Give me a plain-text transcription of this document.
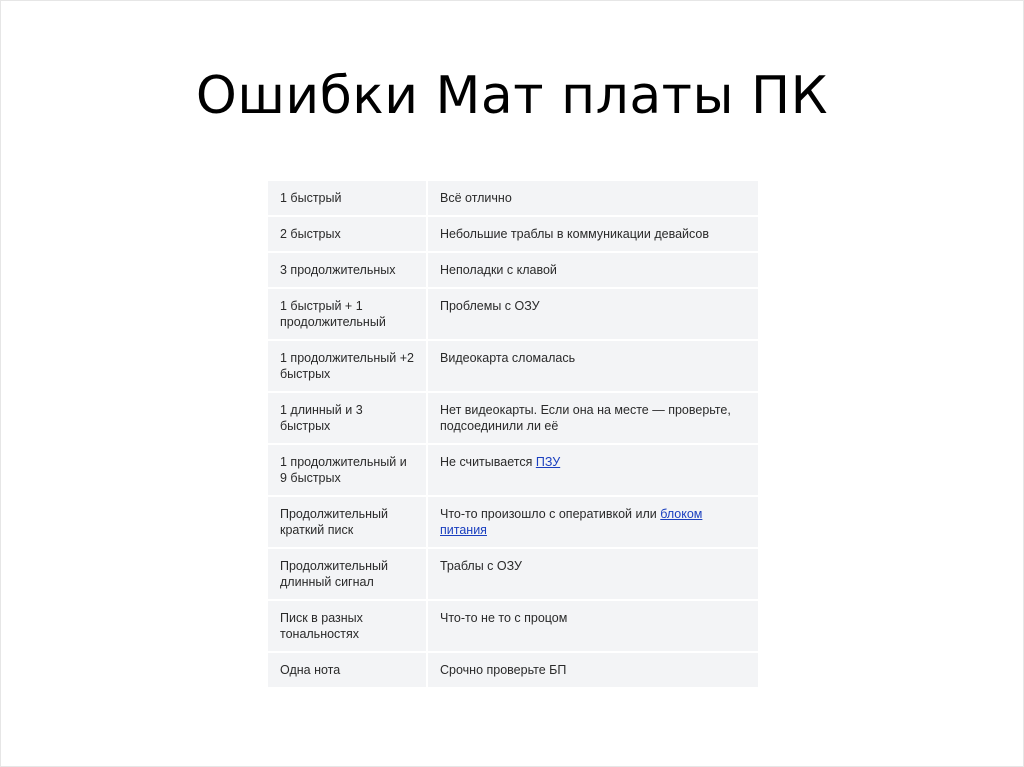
Ошибки Мат платы ПК
1 быстрый	Всё отлично
2 быстрых	Небольшие траблы в коммуникации девайсов
3 продолжительных	Неполадки с клавой
1 быстрый + 1 продолжительный	Проблемы с ОЗУ
1 продолжительный +2 быстрых	Видеокарта сломалась
1 длинный и 3 быстрых	Нет видеокарты. Если она на месте — проверьте, подсоединили ли её
1 продолжительный и 9 быстрых	Не считывается ПЗУ
Продолжительный краткий писк	Что-то произошло с оперативкой или блоком питания
Продолжительный длинный сигнал	Траблы с ОЗУ
Писк в разных тональностях	Что-то не то с процом
Одна нота	Срочно проверьте БП
